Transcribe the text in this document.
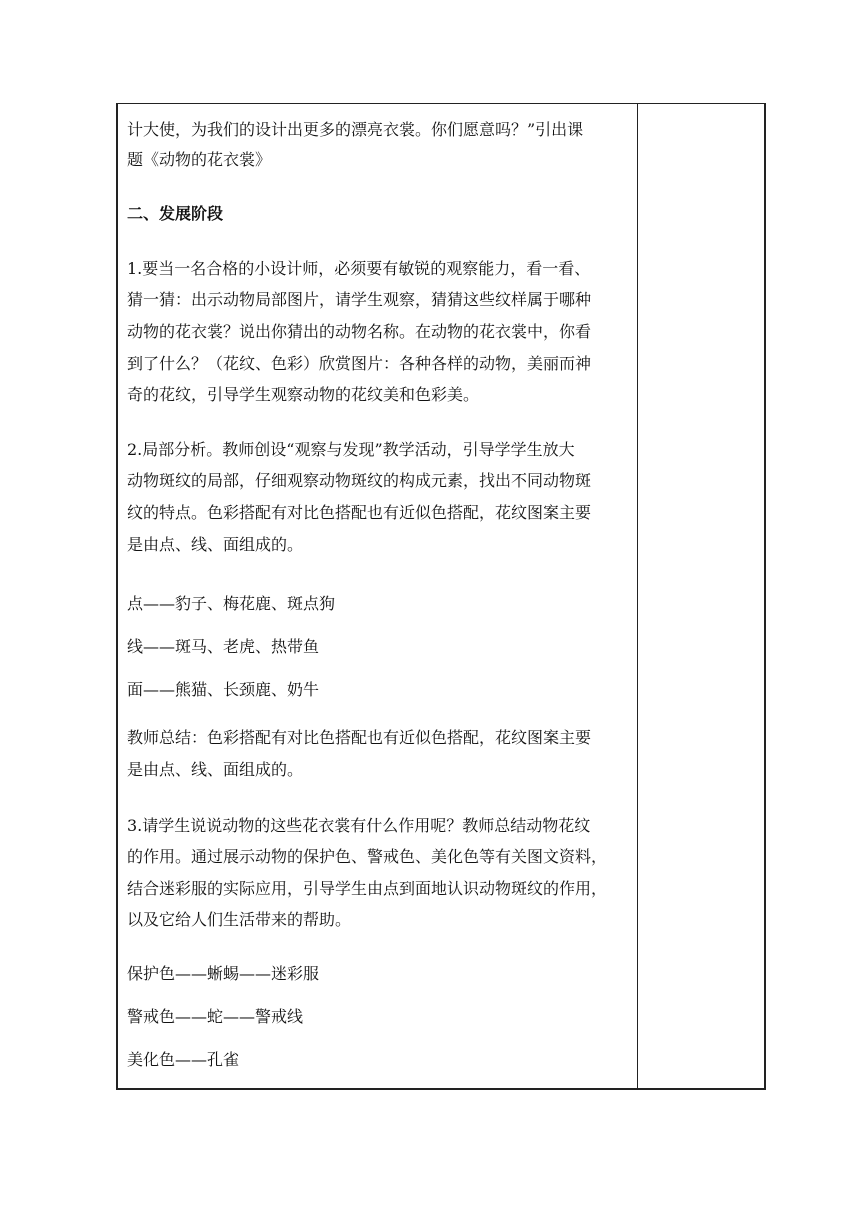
计大使，为我们的设计出更多的漂亮衣裳。你们愿意吗？”引出课
题《动物的花衣裳》
二、发展阶段
1.要当一名合格的小设计师，必须要有敏锐的观察能力，看一看、
猜一猜：出示动物局部图片，请学生观察，猜猜这些纹样属于哪种
动物的花衣裳？说出你猜出的动物名称。在动物的花衣裳中，你看
到了什么？（花纹、色彩）欣赏图片：各种各样的动物，美丽而神
奇的花纹，引导学生观察动物的花纹美和色彩美。
2.局部分析。教师创设“观察与发现”教学活动，引导学学生放大
动物斑纹的局部，仔细观察动物斑纹的构成元素，找出不同动物斑
纹的特点。色彩搭配有对比色搭配也有近似色搭配，花纹图案主要
是由点、线、面组成的。
点——豹子、梅花鹿、斑点狗
线——斑马、老虎、热带鱼
面——熊猫、长颈鹿、奶牛
教师总结：色彩搭配有对比色搭配也有近似色搭配，花纹图案主要
是由点、线、面组成的。
3.请学生说说动物的这些花衣裳有什么作用呢？教师总结动物花纹
的作用。通过展示动物的保护色、警戒色、美化色等有关图文资料，
结合迷彩服的实际应用，引导学生由点到面地认识动物斑纹的作用，
以及它给人们生活带来的帮助。
保护色——蜥蜴——迷彩服
警戒色——蛇——警戒线
美化色——孔雀
